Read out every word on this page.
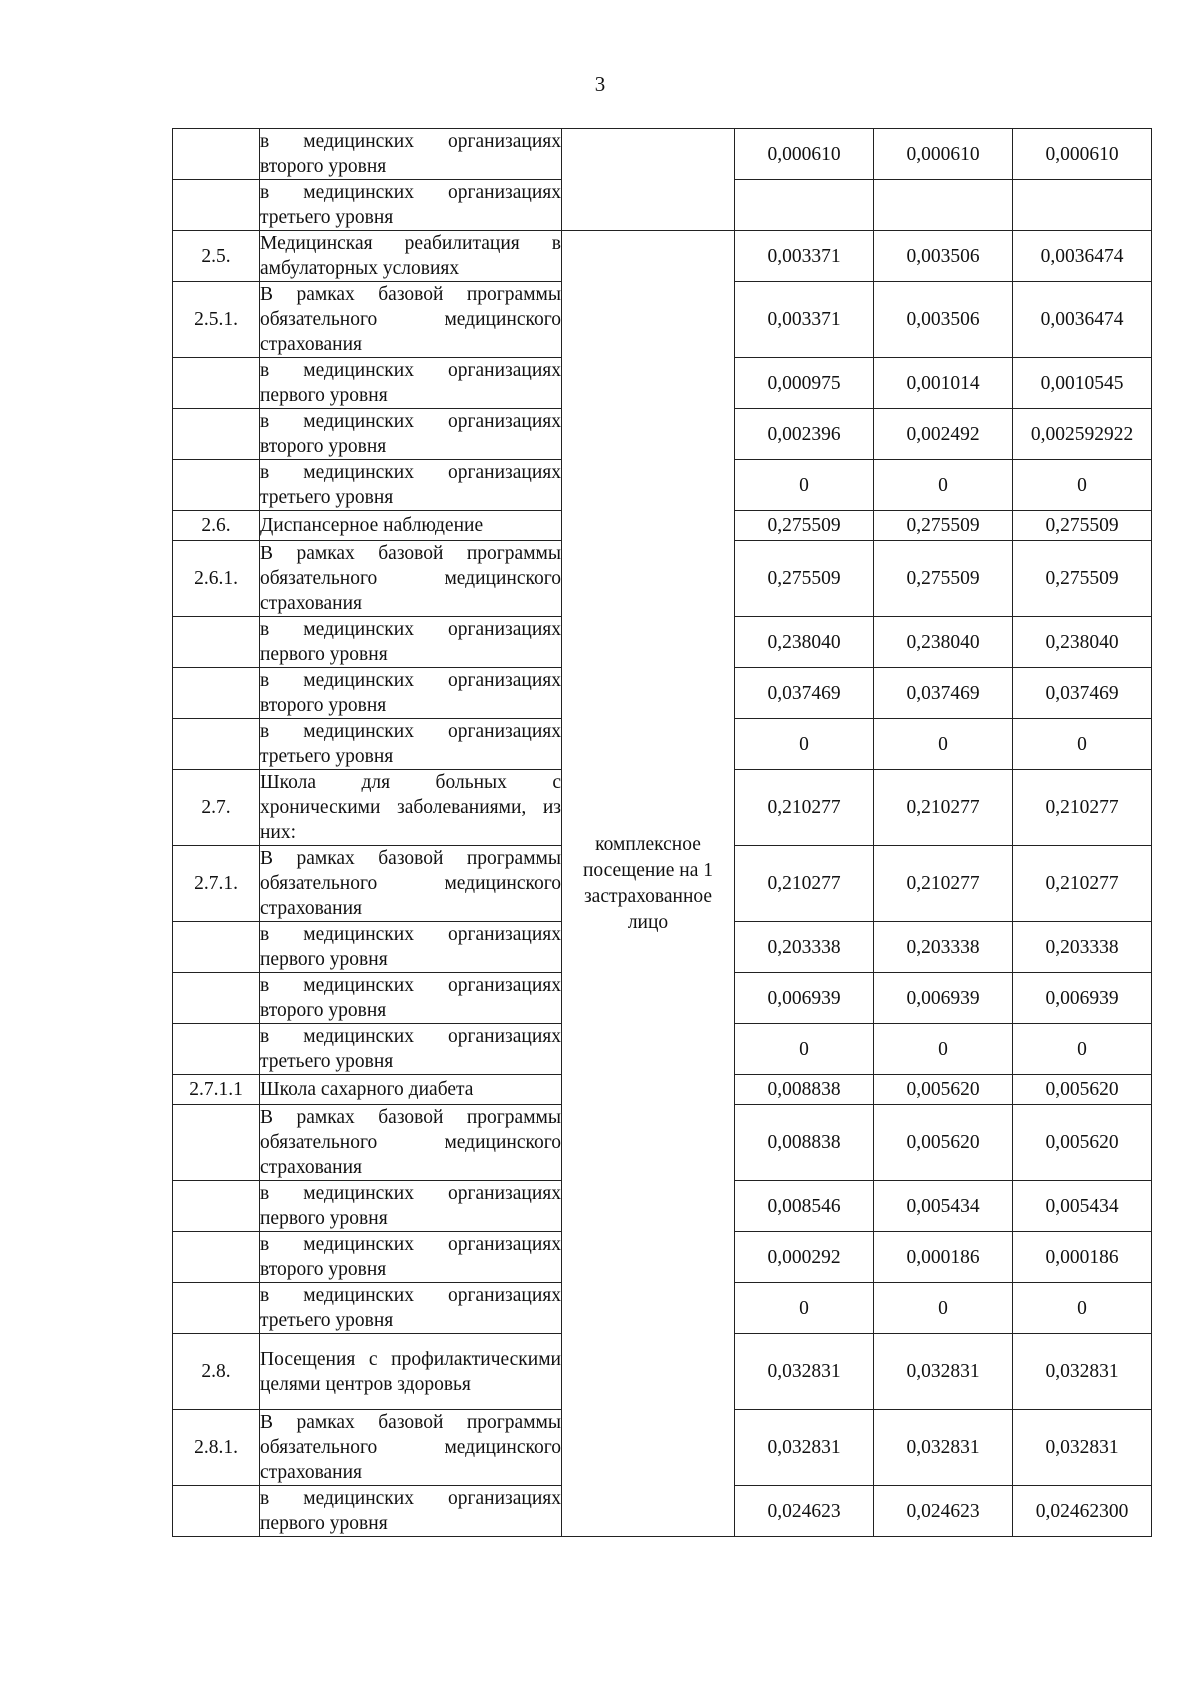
3
	в медицинских организациях второго уровня		0,000610	0,000610	0,000610
	в медицинских организациях третьего уровня				
2.5.	Медицинская реабилитация в амбулаторных условиях	комплексное посещение на 1 застрахованное лицо	0,003371	0,003506	0,0036474
2.5.1.	В рамках базовой программы обязательного медицинского страхования		0,003371	0,003506	0,0036474
	в медицинских организациях первого уровня		0,000975	0,001014	0,0010545
	в медицинских организациях второго уровня		0,002396	0,002492	0,002592922
	в медицинских организациях третьего уровня		0	0	0
2.6.	Диспансерное наблюдение		0,275509	0,275509	0,275509
2.6.1.	В рамках базовой программы обязательного медицинского страхования		0,275509	0,275509	0,275509
	в медицинских организациях первого уровня		0,238040	0,238040	0,238040
	в медицинских организациях второго уровня		0,037469	0,037469	0,037469
	в медицинских организациях третьего уровня		0	0	0
2.7.	Школа для больных с хроническими заболеваниями, из них:		0,210277	0,210277	0,210277
2.7.1.	В рамках базовой программы обязательного медицинского страхования		0,210277	0,210277	0,210277
	в медицинских организациях первого уровня		0,203338	0,203338	0,203338
	в медицинских организациях второго уровня		0,006939	0,006939	0,006939
	в медицинских организациях третьего уровня		0	0	0
2.7.1.1	Школа сахарного диабета		0,008838	0,005620	0,005620
	В рамках базовой программы обязательного медицинского страхования		0,008838	0,005620	0,005620
	в медицинских организациях первого уровня		0,008546	0,005434	0,005434
	в медицинских организациях второго уровня		0,000292	0,000186	0,000186
	в медицинских организациях третьего уровня		0	0	0
2.8.	Посещения с профилактическими целями центров здоровья		0,032831	0,032831	0,032831
2.8.1.	В рамках базовой программы обязательного медицинского страхования		0,032831	0,032831	0,032831
	в медицинских организациях первого уровня		0,024623	0,024623	0,02462300
